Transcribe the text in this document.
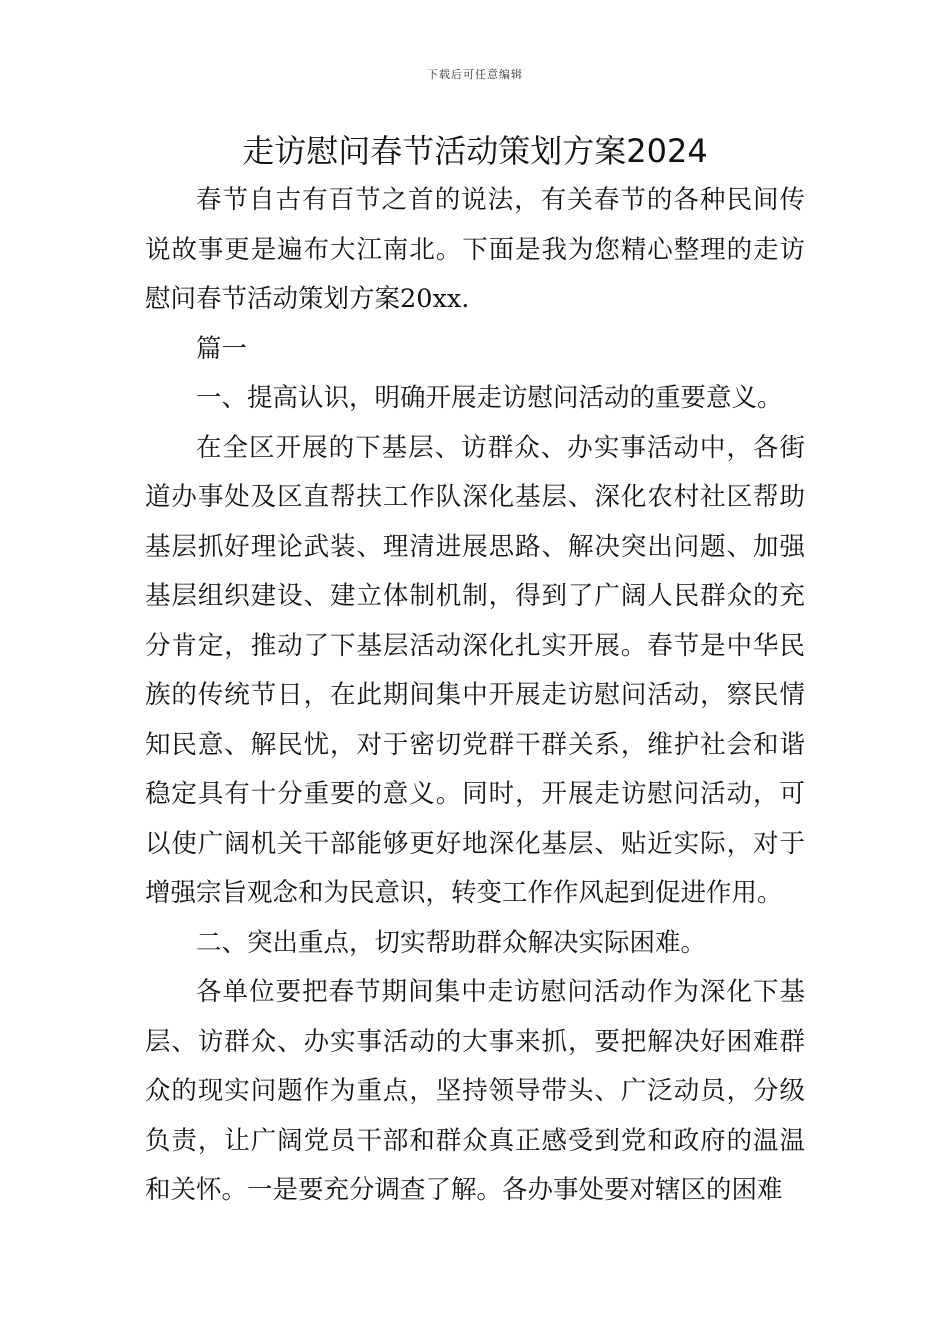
下载后可任意编辑
走访慰问春节活动策划方案2024

春节自古有百节之首的说法，有关春节的各种民间传说故事更是遍布大江南北。下面是我为您精心整理的走访慰问春节活动策划方案20xx.

篇一

一、提高认识，明确开展走访慰问活动的重要意义。

在全区开展的下基层、访群众、办实事活动中，各街道办事处及区直帮扶工作队深化基层、深化农村社区帮助基层抓好理论武装、理清进展思路、解决突出问题、加强基层组织建设、建立体制机制，得到了广阔人民群众的充分肯定，推动了下基层活动深化扎实开展。春节是中华民族的传统节日，在此期间集中开展走访慰问活动，察民情知民意、解民忧，对于密切党群干群关系，维护社会和谐稳定具有十分重要的意义。同时，开展走访慰问活动，可以使广阔机关干部能够更好地深化基层、贴近实际，对于增强宗旨观念和为民意识，转变工作作风起到促进作用。

二、突出重点，切实帮助群众解决实际困难。

各单位要把春节期间集中走访慰问活动作为深化下基层、访群众、办实事活动的大事来抓，要把解决好困难群众的现实问题作为重点，坚持领导带头、广泛动员，分级负责，让广阔党员干部和群众真正感受到党和政府的温温和关怀。一是要充分调查了解。各办事处要对辖区的困难
